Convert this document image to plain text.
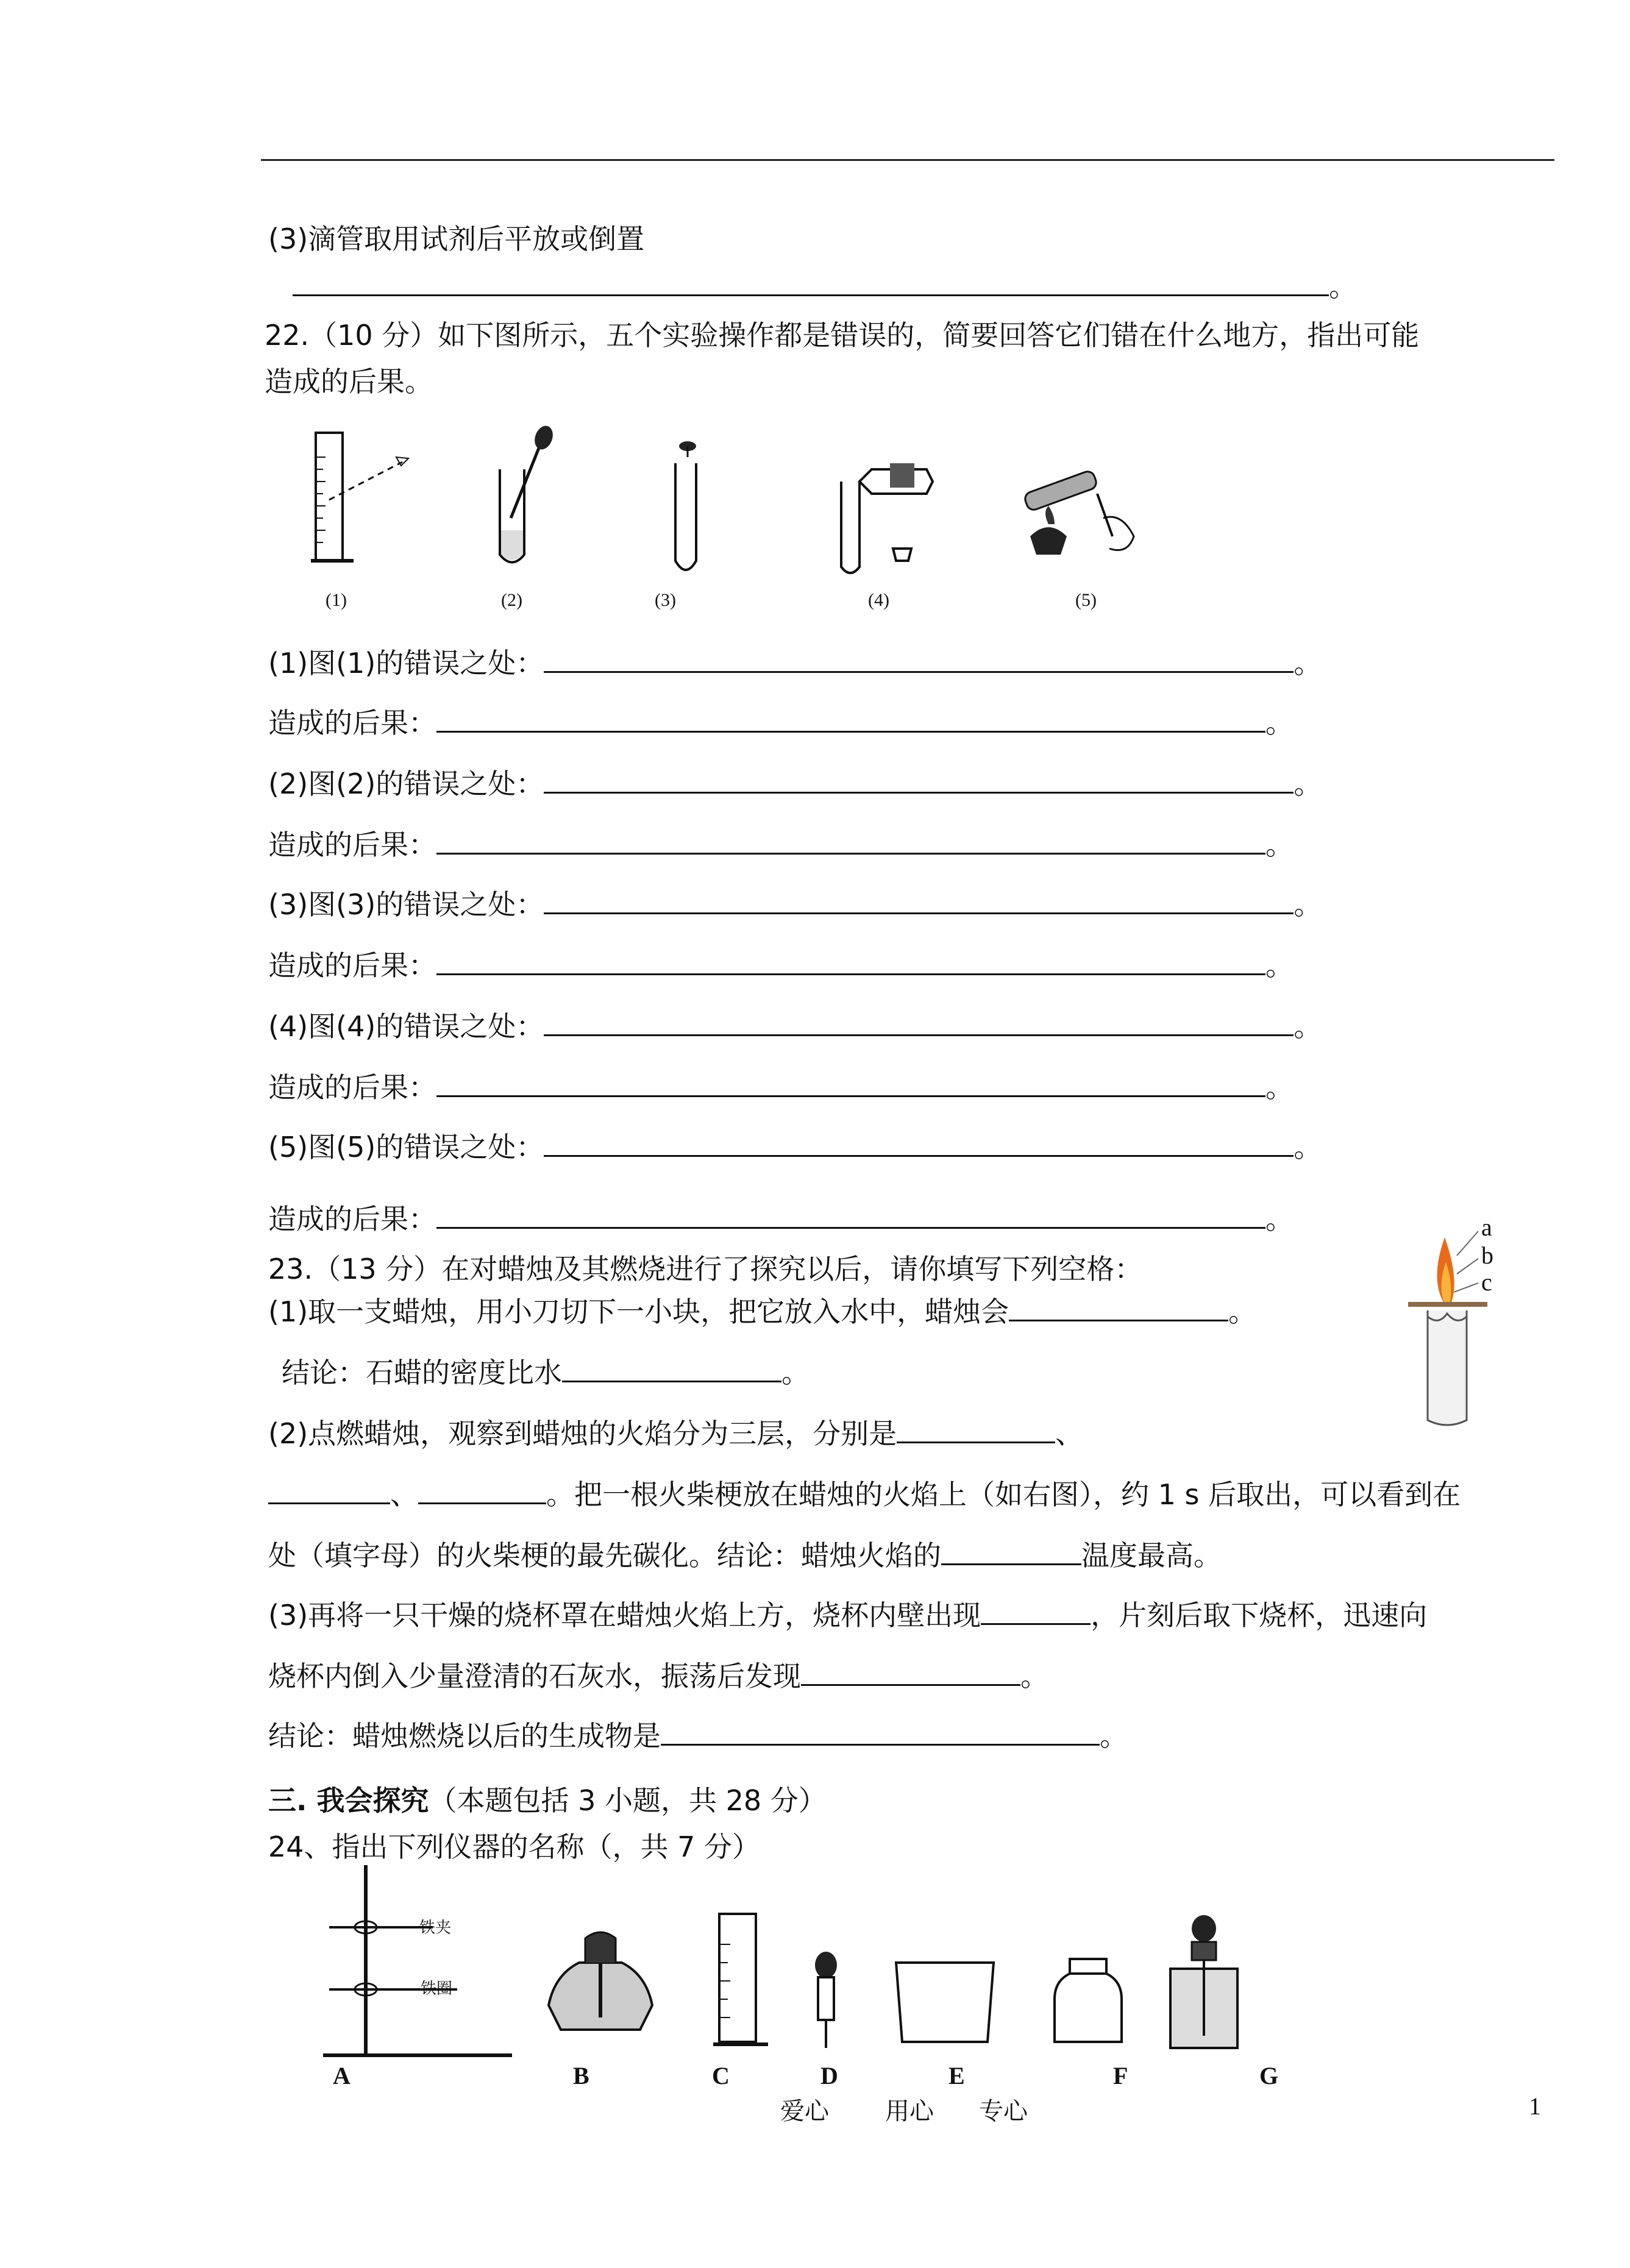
(3)滴管取用试剂后平放或倒置
。
22.（10 分）如下图所示，五个实验操作都是错误的，简要回答它们错在什么地方，指出可能
造成的后果。
(1)	(2)	(3)	(4)	(5)
(1)图(1)的错误之处：	。
造成的后果：	。
(2)图(2)的错误之处：	。
造成的后果：	。
(3)图(3)的错误之处：	。
造成的后果：	。
(4)图(4)的错误之处：	。
造成的后果：	。
(5)图(5)的错误之处：	。
造成的后果：	。
23.（13 分）在对蜡烛及其燃烧进行了探究以后，请你填写下列空格：
(1)取一支蜡烛，用小刀切下一小块，把它放入水中，蜡烛会	。
结论：石蜡的密度比水	。
(2)点燃蜡烛，观察到蜡烛的火焰分为三层，分别是	、
、	。把一根火柴梗放在蜡烛的火焰上（如右图），约 1 s 后取出，可以看到在
处（填字母）的火柴梗的最先碳化。结论：蜡烛火焰的	温度最高。
(3)再将一只干燥的烧杯罩在蜡烛火焰上方，烧杯内壁出现	，片刻后取下烧杯，迅速向
烧杯内倒入少量澄清的石灰水，振荡后发现	。
结论：蜡烛燃烧以后的生成物是	。
a
b
c
三. 我会探究（本题包括 3 小题，共 28 分）
24、指出下列仪器的名称（，共 7 分）
铁夹
铁圈
A	B	C	D	E	F	G
爱心 用心 专心	1
